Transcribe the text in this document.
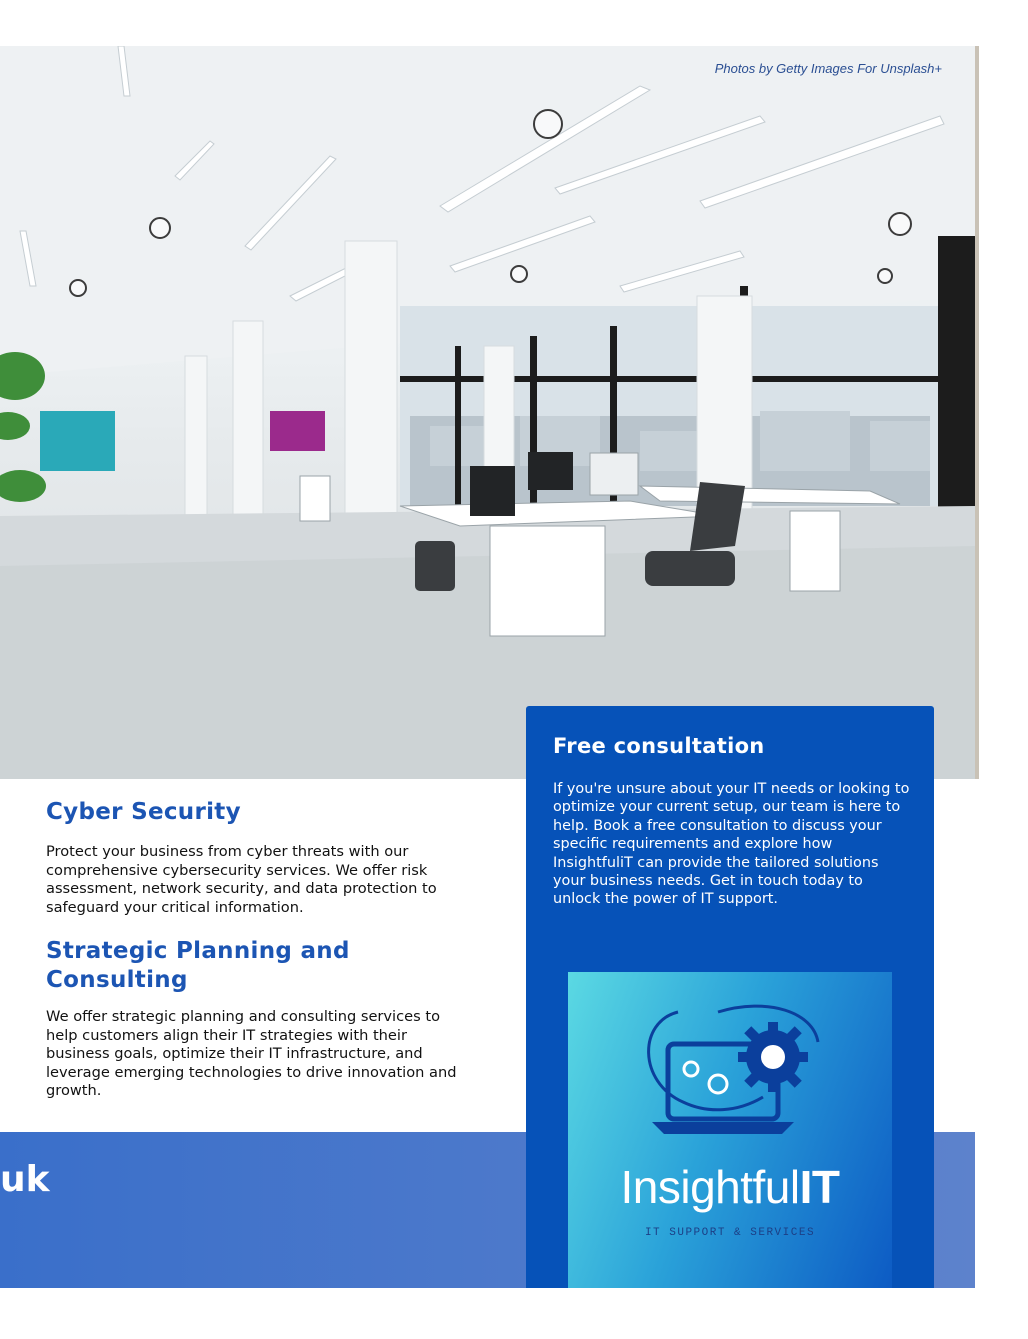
Photos by Getty Images For Unsplash+
Cyber Security

Protect your business from cyber threats with our comprehensive cybersecurity services. We offer risk assessment, network security, and data protection to safeguard your critical information.

Strategic Planning and Consulting

We offer strategic planning and consulting services to help customers align their IT strategies with their business goals, optimize their IT infrastructure, and leverage emerging technologies to drive innovation and growth.

uk
Free consultation

If you're unsure about your IT needs or looking to optimize your current setup, our team is here to help. Book a free consultation to discuss your specific requirements and explore how InsightfuliT can provide the tailored solutions your business needs. Get in touch today to unlock the power of IT support.

InsightfulIT
IT SUPPORT & SERVICES
